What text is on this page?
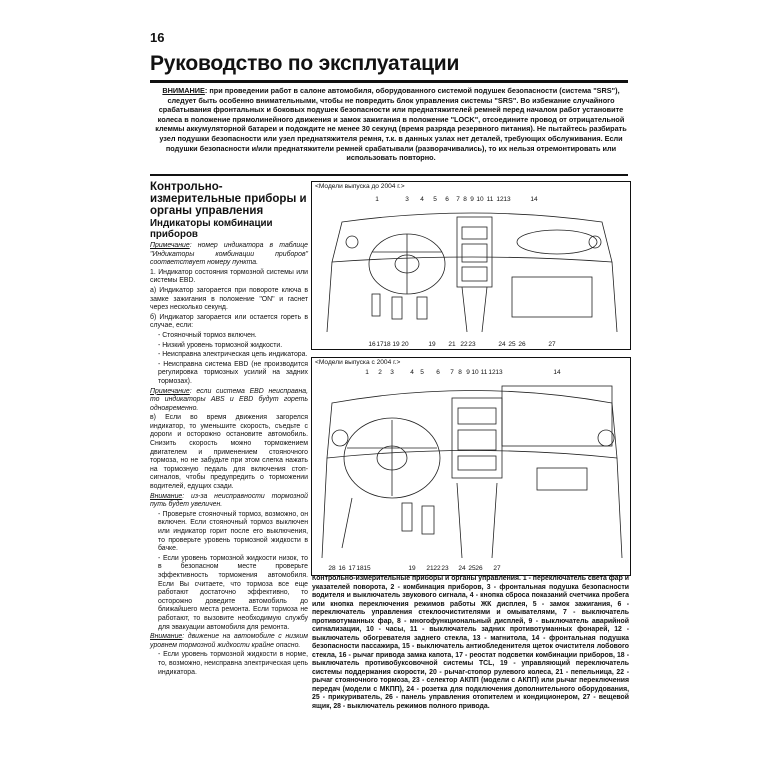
16
Руководство по эксплуатации
ВНИМАНИЕ: при проведении работ в салоне автомобиля, оборудованного системой подушек безопасности (система "SRS"), следует быть особенно внимательными, чтобы не повредить блок управления системы "SRS". Во избежание случайного срабатывания фронтальных и боковых подушек безопасности или преднатяжителей ремней перед началом работ установите колеса в положение прямолинейного движения и замок зажигания в положение "LOCK", отсоедините провод от отрицательной клеммы аккумуляторной батареи и подождите не менее 30 секунд (время разряда резервного питания). Не пытайтесь разбирать узел подушки безопасности или узел преднатяжителя ремня, т.к. в данных узлах нет деталей, требующих обслуживания. Если подушки безопасности и/или преднатяжители ремней срабатывали (разворачивались), то их нельзя отремонтировать или использовать повторно.
Контрольно-измерительные приборы и органы управления
Индикаторы комбинации приборов

Примечание: номер индикатора в таблице "Индикаторы комбинации приборов" соответствует номеру пункта.

1. Индикатор состояния тормозной системы или системы EBD.

а) Индикатор загорается при повороте ключа в замке зажигания в положение "ON" и гаснет через несколько секунд.

б) Индикатор загорается или остается гореть в случае, если:

- Стояночный тормоз включен.

- Низкий уровень тормозной жидкости.

- Неисправна электрическая цепь индикатора.

- Неисправна система EBD (не производится регулировка тормозных усилий на задних тормозах).

Примечание: если система EBD неисправна, то индикаторы ABS и EBD будут гореть одновременно.

в) Если во время движения загорелся индикатор, то уменьшите скорость, съедьте с дороги и осторожно остановите автомобиль. Снизить скорость можно торможением двигателем и применением стояночного тормоза, но не забудьте при этом слегка нажать на тормозную педаль для включения стоп-сигналов, чтобы предупредить о торможении водителей, едущих сзади.

Внимание: из-за неисправности тормозной путь будет увеличен.

- Проверьте стояночный тормоз, возможно, он включен. Если стояночный тормоз выключен или индикатор горит после его выключения, то проверьте уровень тормозной жидкости в бачке.

- Если уровень тормозной жидкости низок, то в безопасном месте проверьте эффективность торможения автомобиля. Если Вы считаете, что тормоза все еще работают достаточно эффективно, то осторожно доведите автомобиль до ближайшего места ремонта. Если тормоза не работают, то вызовите необходимую службу для эвакуации автомобиля для ремонта.

Внимание: движение на автомобиле с низким уровнем тормозной жидкости крайне опасно.

- Если уровень тормозной жидкости в норме, то, возможно, неисправна электрическая цепь индикатора.

1	3 4 5 6 7 8 9 10 11 12 13	14
16 17 18 19 20	19 21 22 23	24 25 26	27
<Модели выпуска до 2004 г.>
1 2 3	4 5 6 7 8 9 10 11 12 13	14
28 16 17 18 15	19 21 22 23 24 25 26 27
<Модели выпуска с 2004 г.>

Контрольно-измерительные приборы и органы управления. 1 - переключатель света фар и указателей поворота, 2 - комбинация приборов, 3 - фронтальная подушка безопасности водителя и выключатель звукового сигнала, 4 - кнопка сброса показаний счетчика пробега или кнопка переключения режимов работы ЖК дисплея, 5 - замок зажигания, 6 - переключатель управления стеклоочистителями и омывателями, 7 - выключатель противотуманных фар, 8 - многофункциональный дисплей, 9 - выключатель аварийной сигнализации, 10 - часы, 11 - выключатель задних противотуманных фонарей, 12 - выключатель обогревателя заднего стекла, 13 - магнитола, 14 - фронтальная подушка безопасности пассажира, 15 - выключатель антиобледенителя щеток очистителя лобового стекла, 16 - рычаг привода замка капота, 17 - реостат подсветки комбинации приборов, 18 - выключатель противобуксовочной системы TCL, 19 - управляющий переключатель системы поддержания скорости, 20 - рычаг-стопор рулевого колеса, 21 - пепельница, 22 - рычаг стояночного тормоза, 23 - селектор АКПП (модели с АКПП) или рычаг переключения передач (модели с МКПП), 24 - розетка для подключения дополнительного оборудования, 25 - прикуриватель, 26 - панель управления отопителем и кондиционером, 27 - вещевой ящик, 28 - выключатель режимов полного привода.
